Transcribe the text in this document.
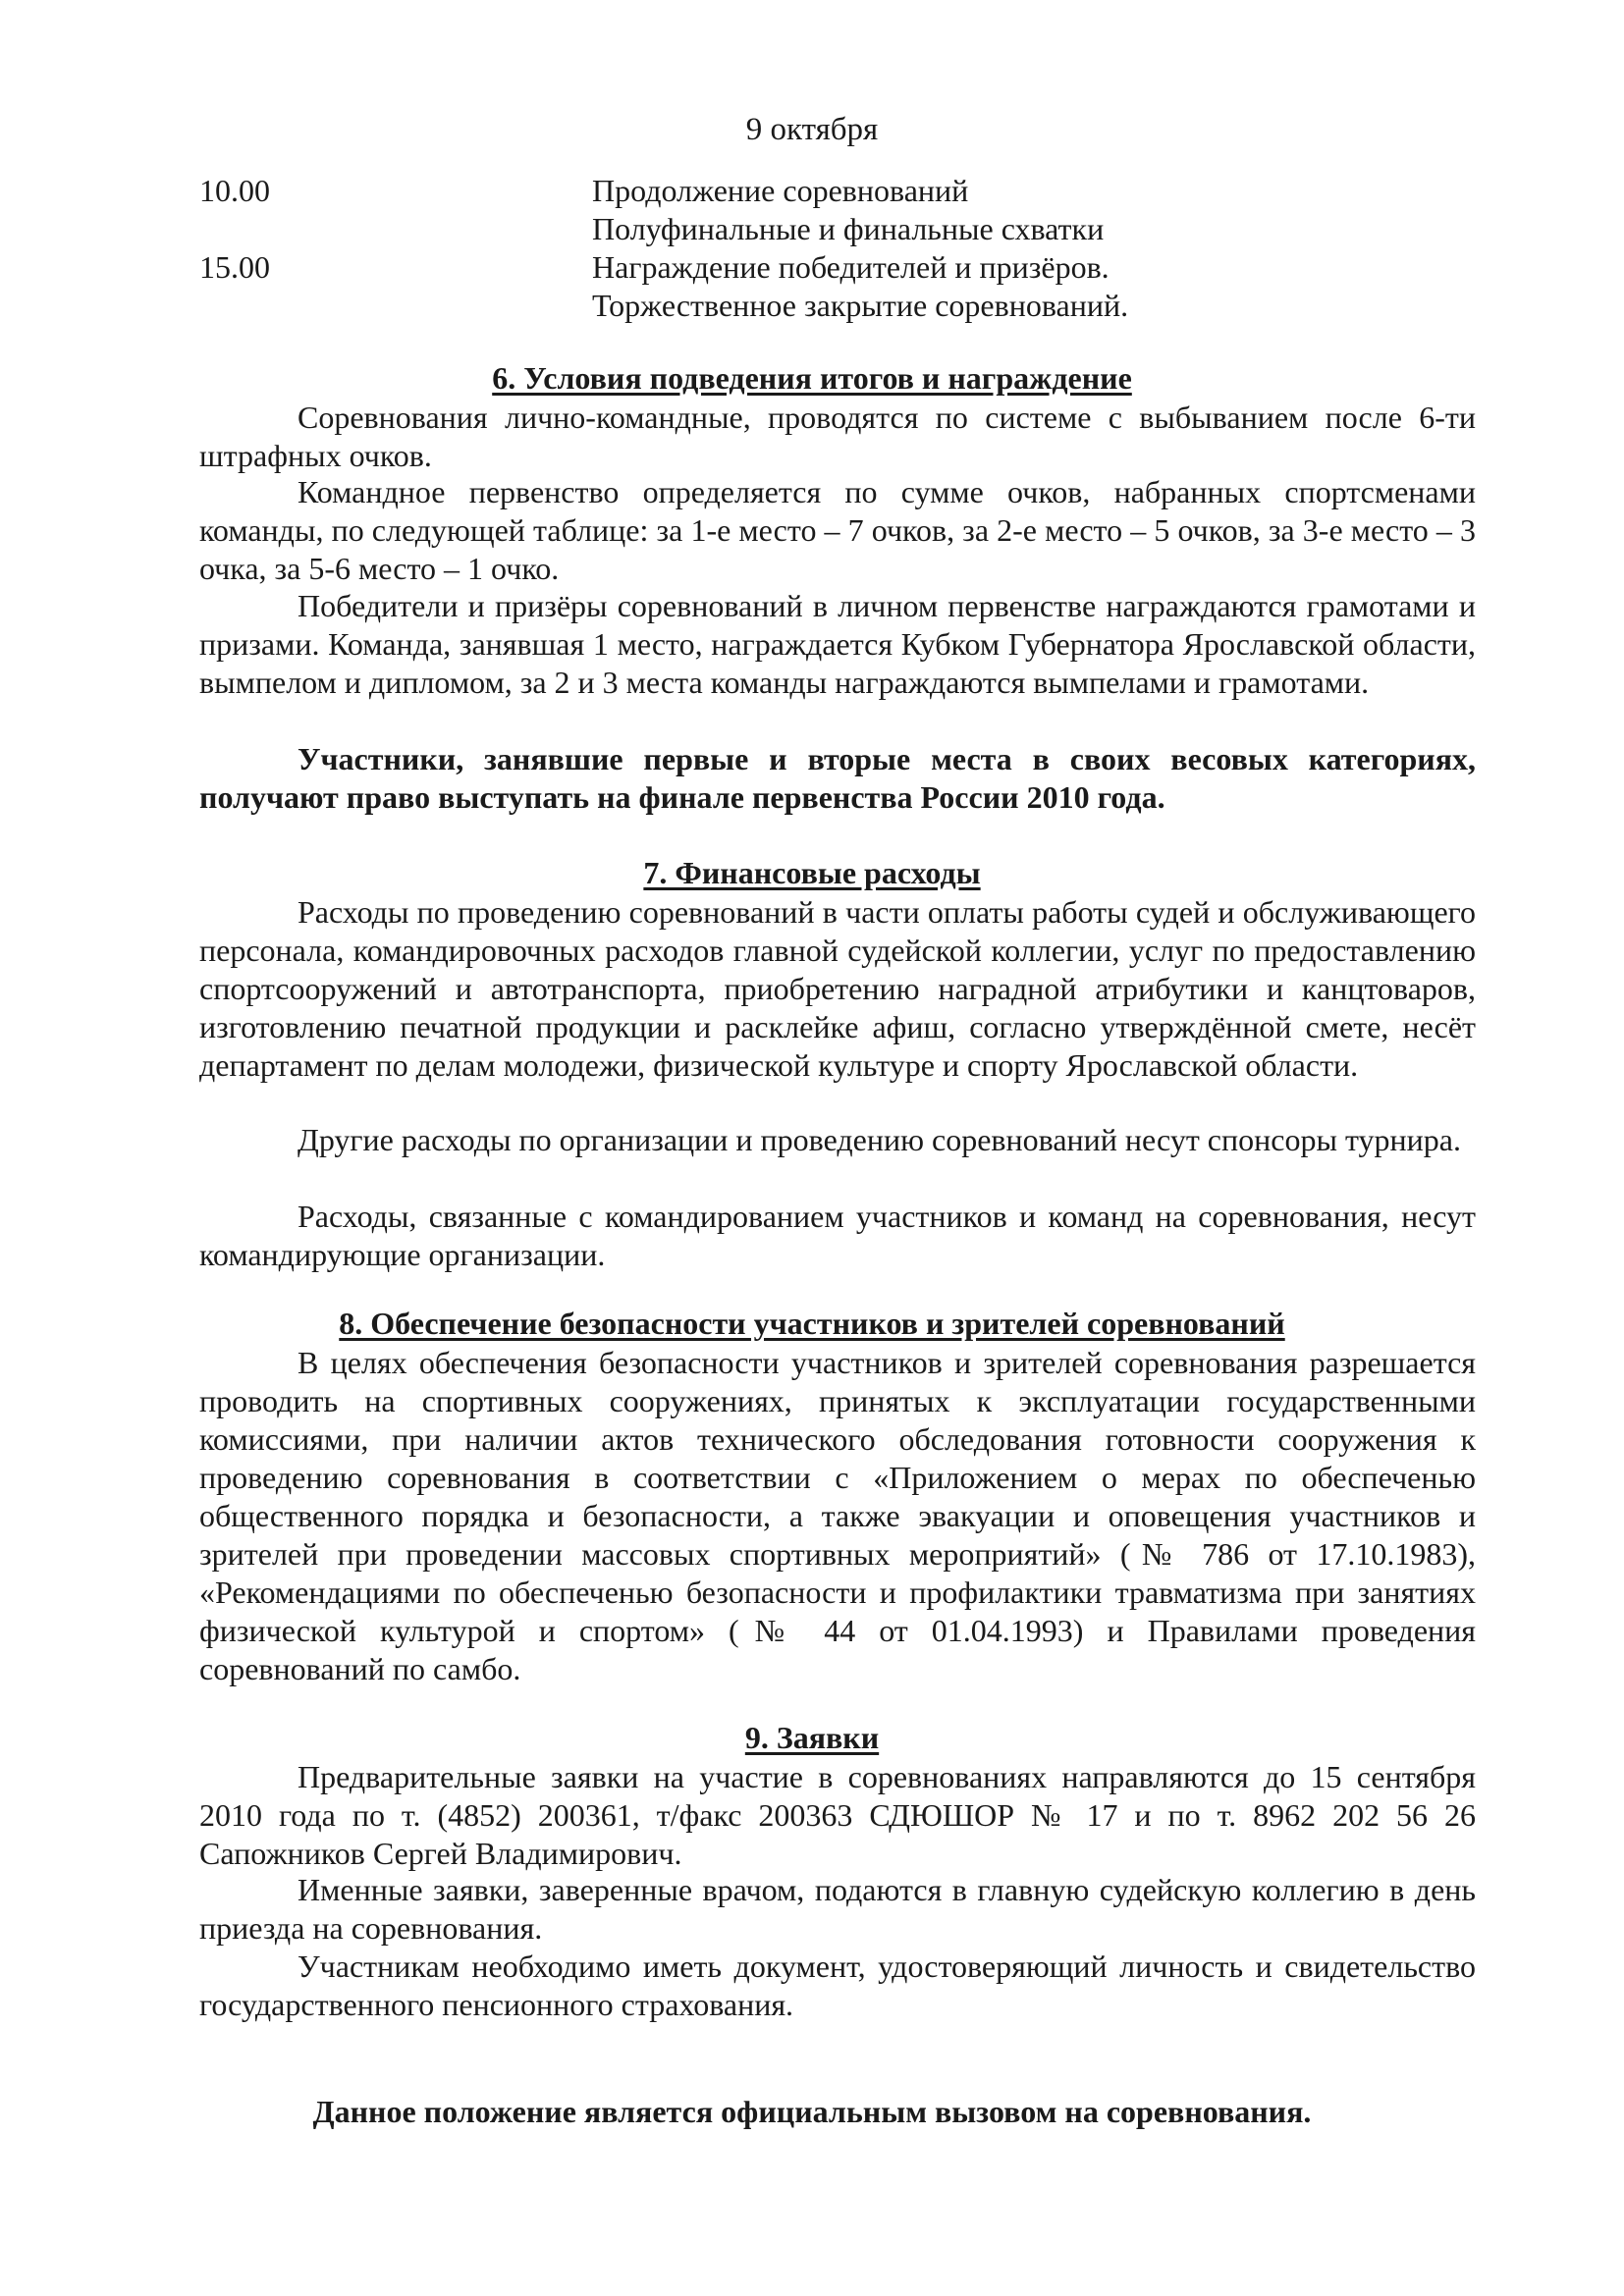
9 октября
10.00	Продолжение соревнований
Полуфинальные и финальные схватки
15.00	Награждение победителей и призёров.
Торжественное закрытие соревнований.
6. Условия подведения итогов и награждение
Соревнования лично-командные, проводятся по системе с выбыванием после 6-ти штрафных очков.
Командное первенство определяется по сумме очков, набранных спортсменами команды, по следующей таблице: за 1-е место – 7 очков, за 2-е место – 5 очков, за 3-е место – 3 очка, за 5-6 место – 1 очко.
Победители и призёры соревнований в личном первенстве награждаются грамотами и призами. Команда, занявшая 1 место, награждается Кубком Губернатора Ярославской области, вымпелом и дипломом, за 2 и 3 места команды награждаются вымпелами и грамотами.
Участники, занявшие первые и вторые места в своих весовых категориях, получают право выступать на финале первенства России 2010 года.
7. Финансовые расходы
Расходы по проведению соревнований в части оплаты работы судей и обслуживающего персонала, командировочных расходов главной судейской коллегии, услуг по предоставлению спортсооружений и автотранспорта, приобретению наградной атрибутики и канцтоваров, изготовлению печатной продукции и расклейке афиш, согласно утверждённой смете, несёт департамент по делам молодежи, физической культуре и спорту Ярославской области.
Другие расходы по организации и проведению соревнований несут спонсоры турнира.
Расходы, связанные с командированием участников и команд на соревнования, несут командирующие организации.
8. Обеспечение безопасности участников и зрителей соревнований
В целях обеспечения безопасности участников и зрителей соревнования разрешается проводить на спортивных сооружениях, принятых к эксплуатации государственными комиссиями, при наличии актов технического обследования готовности сооружения к проведению соревнования в соответствии с «Приложением о мерах по обеспеченью общественного порядка и безопасности, а также эвакуации и оповещения участников и зрителей при проведении массовых спортивных мероприятий» (№ 786 от 17.10.1983), «Рекомендациями по обеспеченью безопасности и профилактики травматизма при занятиях физической культурой и спортом» (№ 44 от 01.04.1993) и Правилами проведения соревнований по самбо.
9. Заявки
Предварительные заявки на участие в соревнованиях направляются до 15 сентября 2010 года по т. (4852) 200361, т/факс 200363 СДЮШОР № 17 и по т. 8962 202 56 26 Сапожников Сергей Владимирович.
Именные заявки, заверенные врачом, подаются в главную судейскую коллегию в день приезда на соревнования.
Участникам необходимо иметь документ, удостоверяющий личность и свидетельство государственного пенсионного страхования.
Данное положение является официальным вызовом на соревнования.
